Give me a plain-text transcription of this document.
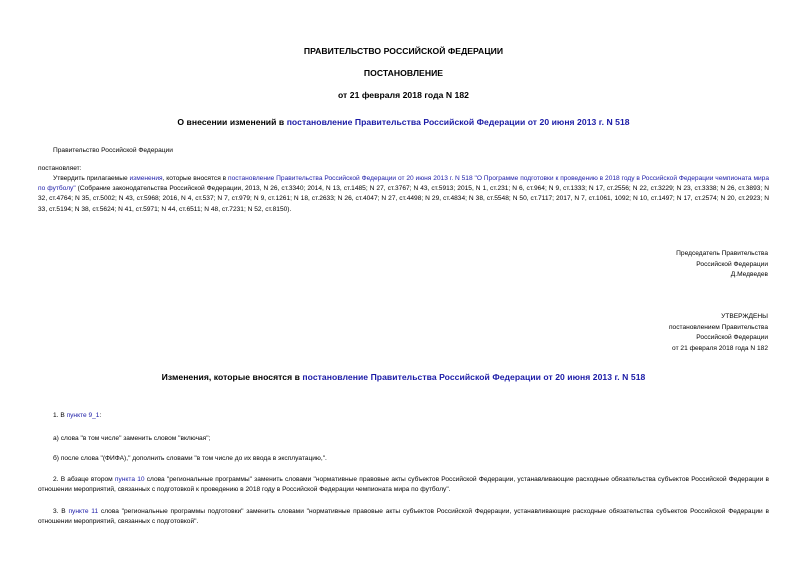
ПРАВИТЕЛЬСТВО РОССИЙСКОЙ ФЕДЕРАЦИИ
ПОСТАНОВЛЕНИЕ
от 21 февраля 2018 года N 182
О внесении изменений в постановление Правительства Российской Федерации от 20 июня 2013 г. N 518
Правительство Российской Федерации
постановляет:

Утвердить прилагаемые изменения, которые вносятся в постановление Правительства Российской Федерации от 20 июня 2013 г. N 518 "О Программе подготовки к проведению в 2018 году в Российской Федерации чемпионата мира по футболу" (Собрание законодательства Российской Федерации, 2013, N 26, ст.3340; 2014, N 13, ст.1485; N 27, ст.3767; N 43, ст.5913; 2015, N 1, ст.231; N 6, ст.964; N 9, ст.1333; N 17, ст.2556; N 22, ст.3229; N 23, ст.3338; N 26, ст.3893; N 32, ст.4764; N 35, ст.5002; N 43, ст.5968; 2016, N 4, ст.537; N 7, ст.979; N 9, ст.1261; N 18, ст.2633; N 26, ст.4047; N 27, ст.4498; N 29, ст.4834; N 38, ст.5548; N 50, ст.7117; 2017, N 7, ст.1061, 1092; N 10, ст.1497; N 17, ст.2574; N 20, ст.2923; N 33, ст.5194; N 38, ст.5624; N 41, ст.5971; N 44, ст.6511; N 48, ст.7231; N 52, ст.8150).

Председатель Правительства
Российской Федерации
Д.Медведев
УТВЕРЖДЕНЫ
постановлением Правительства
Российской Федерации
от 21 февраля 2018 года N 182
Изменения, которые вносятся в постановление Правительства Российской Федерации от 20 июня 2013 г. N 518
1. В пункте 9_1:
а) слова "в том числе" заменить словом "включая";
б) после слова "(ФИФА)," дополнить словами "в том числе до их ввода в эксплуатацию,".

2. В абзаце втором пункта 10 слова "региональные программы" заменить словами "нормативные правовые акты субъектов Российской Федерации, устанавливающие расходные обязательства субъектов Российской Федерации в отношении мероприятий, связанных с подготовкой к проведению в 2018 году в Российской Федерации чемпионата мира по футболу".

3. В пункте 11 слова "региональные программы подготовки" заменить словами "нормативные правовые акты субъектов Российской Федерации, устанавливающие расходные обязательства субъектов Российской Федерации в отношении мероприятий, связанных с подготовкой".
